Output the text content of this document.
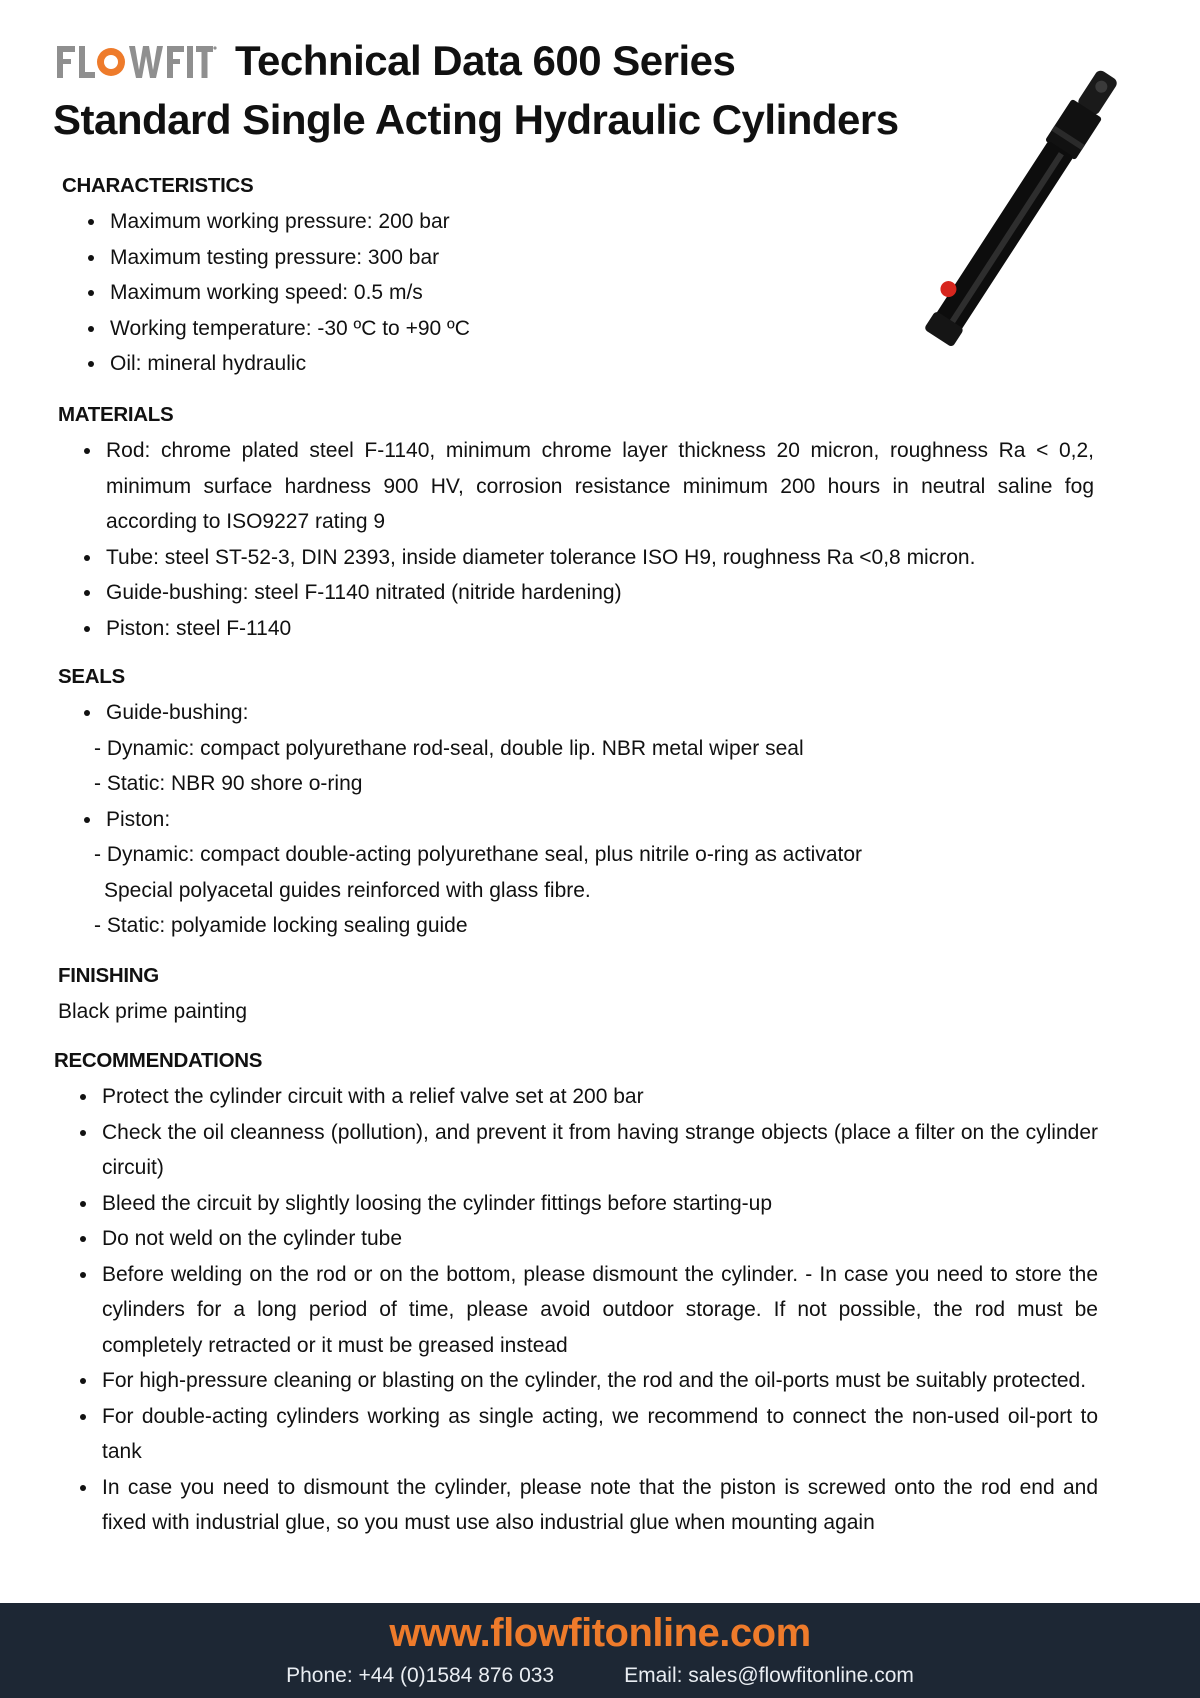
Technical Data 600 Series
Standard Single Acting Hydraulic Cylinders
CHARACTERISTICS
Maximum working pressure: 200 bar
Maximum testing pressure: 300 bar
Maximum working speed: 0.5 m/s
Working temperature: -30 ºC to +90 ºC
Oil: mineral hydraulic
MATERIALS
Rod: chrome plated steel F-1140, minimum chrome layer thickness 20 micron, roughness Ra < 0,2, minimum surface hardness 900 HV, corrosion resistance minimum 200 hours in neutral saline fog according to ISO9227 rating 9
Tube: steel ST-52-3, DIN 2393, inside diameter tolerance ISO H9, roughness Ra <0,8 micron.
Guide-bushing: steel F-1140 nitrated (nitride hardening)
Piston: steel F-1140
SEALS
Guide-bushing:
- Dynamic: compact polyurethane rod-seal, double lip. NBR metal wiper seal
- Static: NBR 90 shore o-ring
Piston:
- Dynamic: compact double-acting polyurethane seal, plus nitrile o-ring as activator
Special polyacetal guides reinforced with glass fibre.
- Static: polyamide locking sealing guide
FINISHING
Black prime painting
RECOMMENDATIONS
Protect the cylinder circuit with a relief valve set at 200 bar
Check the oil cleanness (pollution), and prevent it from having strange objects (place a filter on the cylinder circuit)
Bleed the circuit by slightly loosing the cylinder fittings before starting-up
Do not weld on the cylinder tube
Before welding on the rod or on the bottom, please dismount the cylinder. - In case you need to store the cylinders for a long period of time, please avoid outdoor storage. If not possible, the rod must be completely retracted or it must be greased instead
For high-pressure cleaning or blasting on the cylinder, the rod and the oil-ports must be suitably protected.
For double-acting cylinders working as single acting, we recommend to connect the non-used oil-port to tank
In case you need to dismount the cylinder, please note that the piston is screwed onto the rod end and fixed with industrial glue, so you must use also industrial glue when mounting again
www.flowfitonline.com
Phone: +44 (0)1584 876 033	Email: sales@flowfitonline.com
